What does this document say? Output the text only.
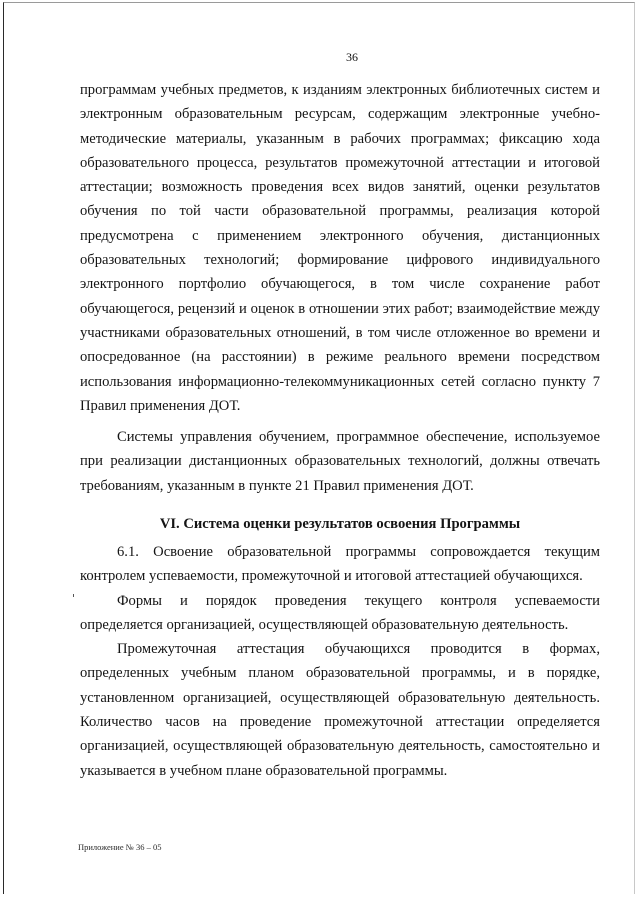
36

программам учебных предметов, к изданиям электронных библиотечных систем и электронным образовательным ресурсам, содержащим электронные учебно-методические материалы, указанным в рабочих программах; фиксацию хода образовательного процесса, результатов промежуточной аттестации и итоговой аттестации; возможность проведения всех видов занятий, оценки результатов обучения по той части образовательной программы, реализация которой предусмотрена с применением электронного обучения, дистанционных образовательных технологий; формирование цифрового индивидуального электронного портфолио обучающегося, в том числе сохранение работ обучающегося, рецензий и оценок в отношении этих работ; взаимодействие между участниками образовательных отношений, в том числе отложенное во времени и опосредованное (на расстоянии) в режиме реального времени посредством использования информационно-телекоммуникационных сетей согласно пункту 7 Правил применения ДОТ.

Системы управления обучением, программное обеспечение, используемое при реализации дистанционных образовательных технологий, должны отвечать требованиям, указанным в пункте 21 Правил применения ДОТ.

VI. Система оценки результатов освоения Программы

6.1. Освоение образовательной программы сопровождается текущим контролем успеваемости, промежуточной и итоговой аттестацией обучающихся.

Формы и порядок проведения текущего контроля успеваемости определяется организацией, осуществляющей образовательную деятельность.

Промежуточная аттестация обучающихся проводится в формах, определенных учебным планом образовательной программы, и в порядке, установленном организацией, осуществляющей образовательную деятельность. Количество часов на проведение промежуточной аттестации определяется организацией, осуществляющей образовательную деятельность, самостоятельно и указывается в учебном плане образовательной программы.

Приложение № 36 – 05
